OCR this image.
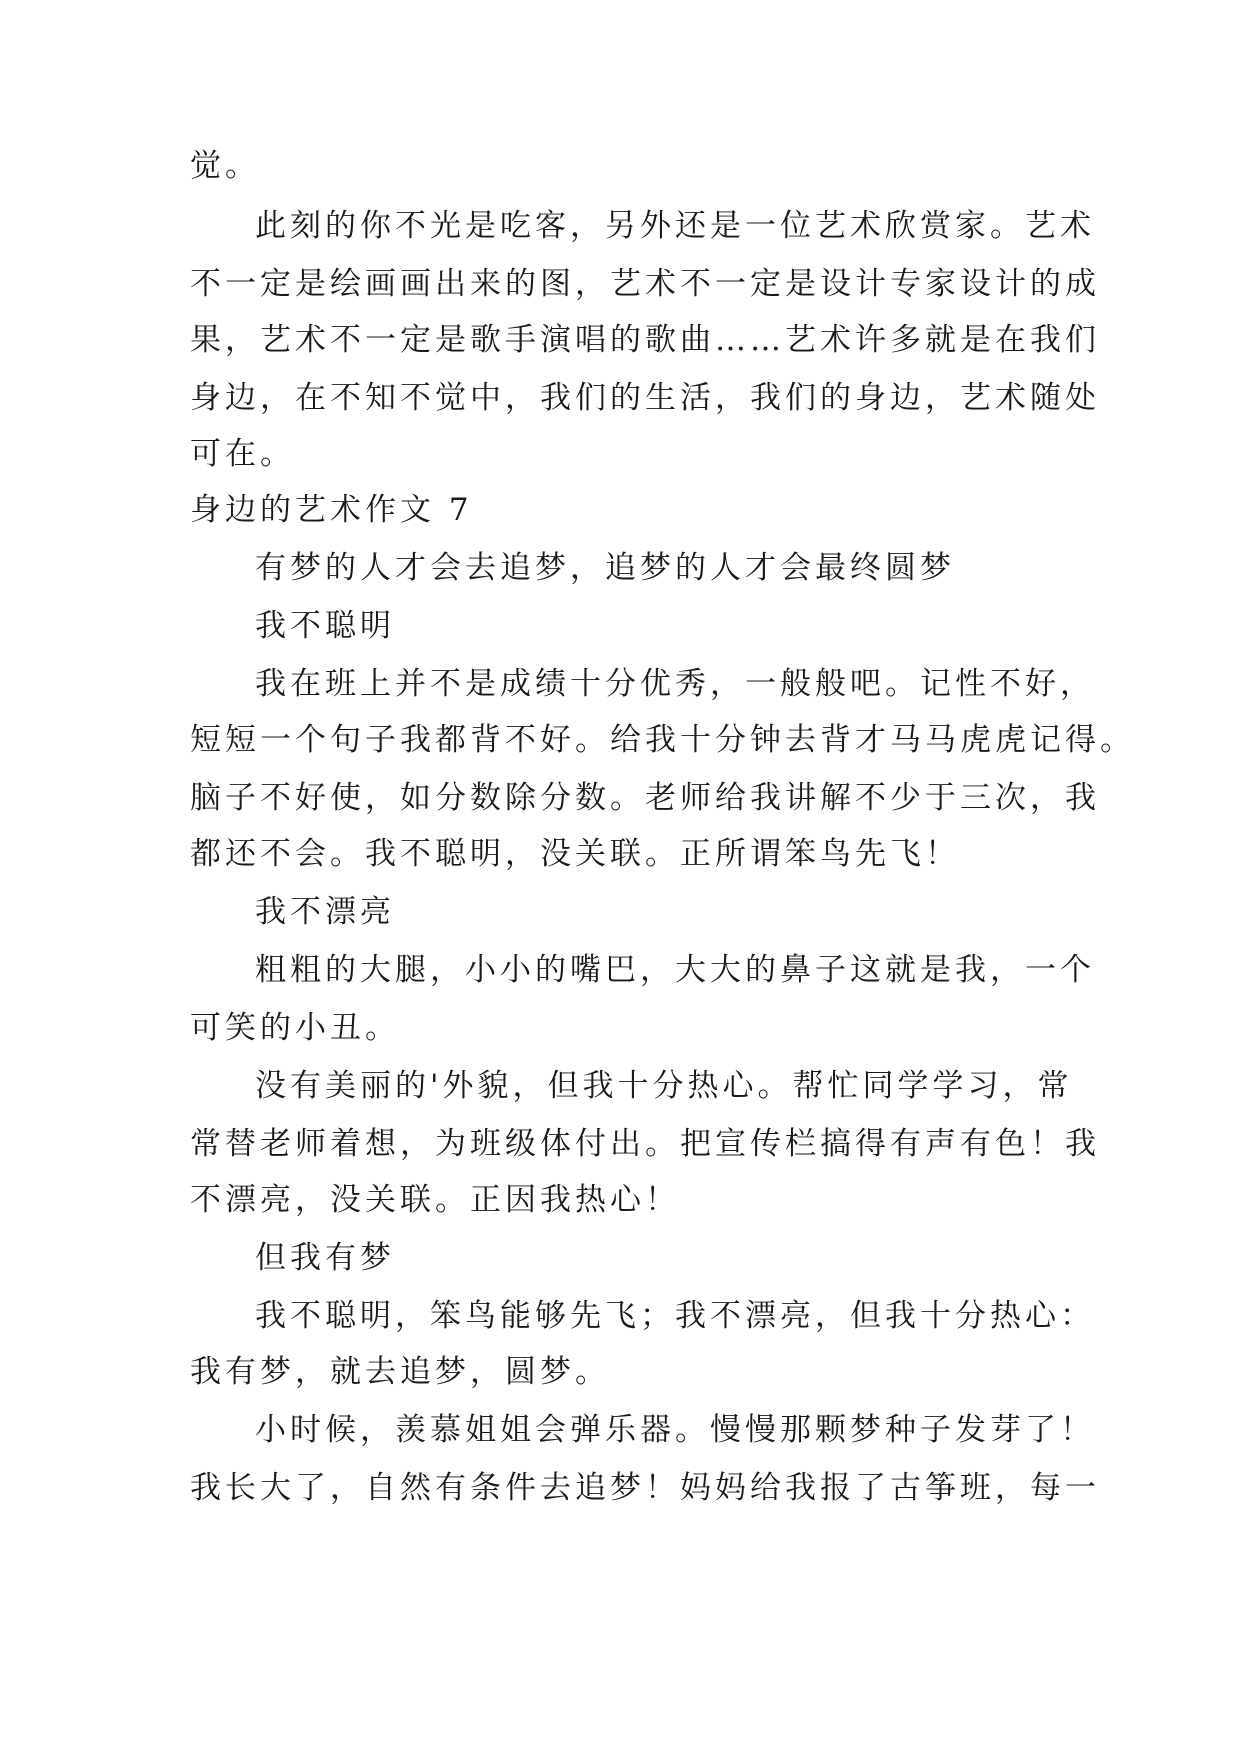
觉。
此刻的你不光是吃客，另外还是一位艺术欣赏家。艺术
不一定是绘画画出来的图，艺术不一定是设计专家设计的成
果，艺术不一定是歌手演唱的歌曲……艺术许多就是在我们
身边，在不知不觉中，我们的生活，我们的身边，艺术随处
可在。
身边的艺术作文 7
有梦的人才会去追梦，追梦的人才会最终圆梦
我不聪明
我在班上并不是成绩十分优秀，一般般吧。记性不好，
短短一个句子我都背不好。给我十分钟去背才马马虎虎记得。
脑子不好使，如分数除分数。老师给我讲解不少于三次，我
都还不会。我不聪明，没关联。正所谓笨鸟先飞！
我不漂亮
粗粗的大腿，小小的嘴巴，大大的鼻子这就是我，一个
可笑的小丑。
没有美丽的'外貌，但我十分热心。帮忙同学学习，常
常替老师着想，为班级体付出。把宣传栏搞得有声有色！我
不漂亮，没关联。正因我热心！
但我有梦
我不聪明，笨鸟能够先飞；我不漂亮，但我十分热心：
我有梦，就去追梦，圆梦。
小时候，羡慕姐姐会弹乐器。慢慢那颗梦种子发芽了！
我长大了，自然有条件去追梦！妈妈给我报了古筝班，每一
